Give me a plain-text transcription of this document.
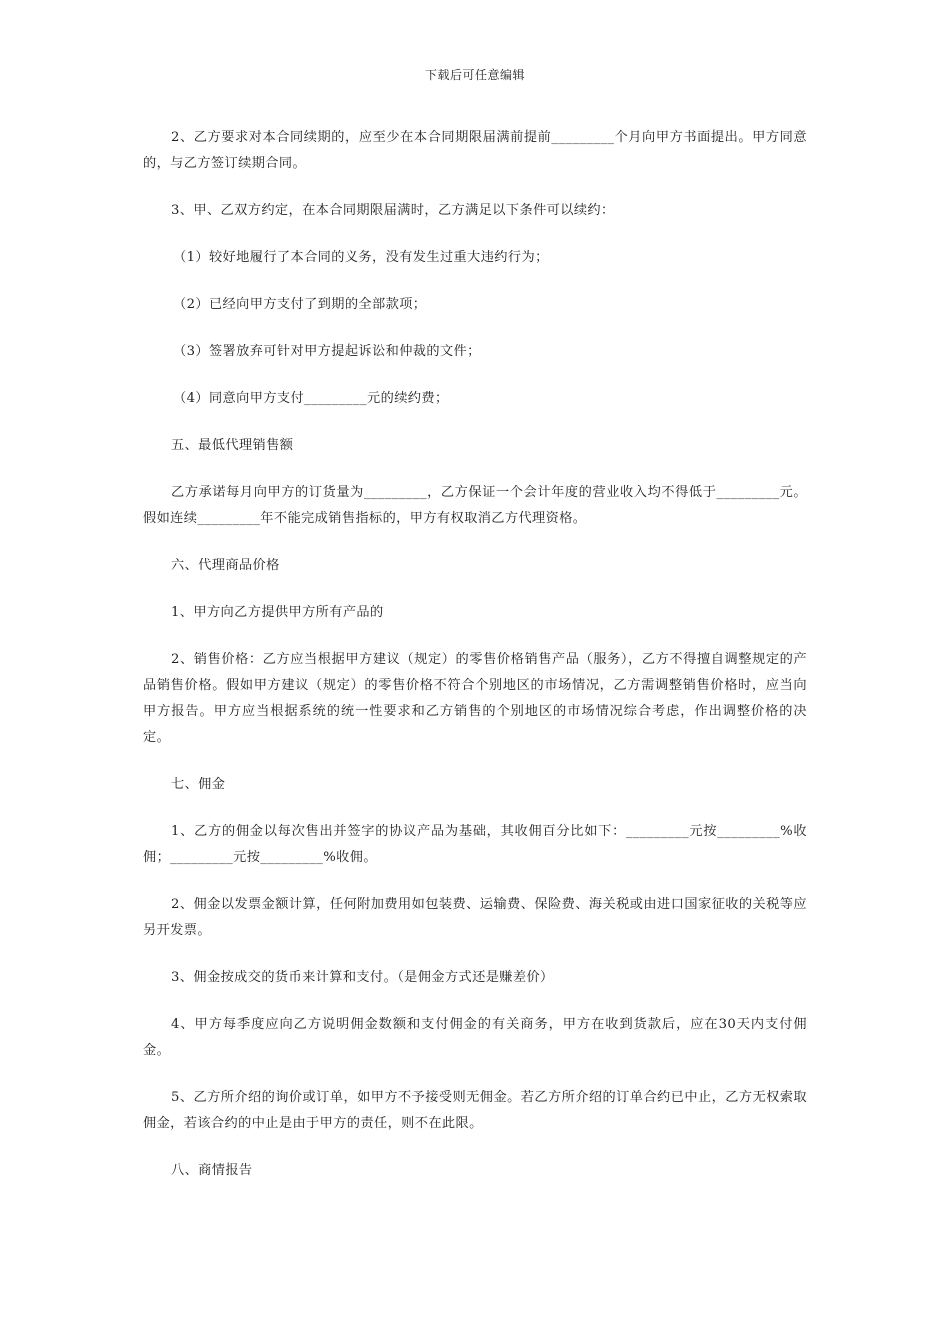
下载后可任意编辑

2、乙方要求对本合同续期的，应至少在本合同期限届满前提前_________个月向甲方书面提出。甲方同意的，与乙方签订续期合同。

3、甲、乙双方约定，在本合同期限届满时，乙方满足以下条件可以续约：

（1）较好地履行了本合同的义务，没有发生过重大违约行为；

（2）已经向甲方支付了到期的全部款项；

（3）签署放弃可针对甲方提起诉讼和仲裁的文件；

（4）同意向甲方支付_________元的续约费；

五、最低代理销售额

乙方承诺每月向甲方的订货量为_________，乙方保证一个会计年度的营业收入均不得低于_________元。假如连续_________年不能完成销售指标的，甲方有权取消乙方代理资格。

六、代理商品价格

1、甲方向乙方提供甲方所有产品的

2、销售价格：乙方应当根据甲方建议（规定）的零售价格销售产品（服务），乙方不得擅自调整规定的产品销售价格。假如甲方建议（规定）的零售价格不符合个别地区的市场情况，乙方需调整销售价格时，应当向甲方报告。甲方应当根据系统的统一性要求和乙方销售的个别地区的市场情况综合考虑，作出调整价格的决定。

七、佣金

1、乙方的佣金以每次售出并签字的协议产品为基础，其收佣百分比如下：_________元按_________%收佣；_________元按_________%收佣。

2、佣金以发票金额计算，任何附加费用如包装费、运输费、保险费、海关税或由进口国家征收的关税等应另开发票。

3、佣金按成交的货币来计算和支付。（是佣金方式还是赚差价）

4、甲方每季度应向乙方说明佣金数额和支付佣金的有关商务，甲方在收到货款后，应在30天内支付佣金。

5、乙方所介绍的询价或订单，如甲方不予接受则无佣金。若乙方所介绍的订单合约已中止，乙方无权索取佣金，若该合约的中止是由于甲方的责任，则不在此限。

八、商情报告
